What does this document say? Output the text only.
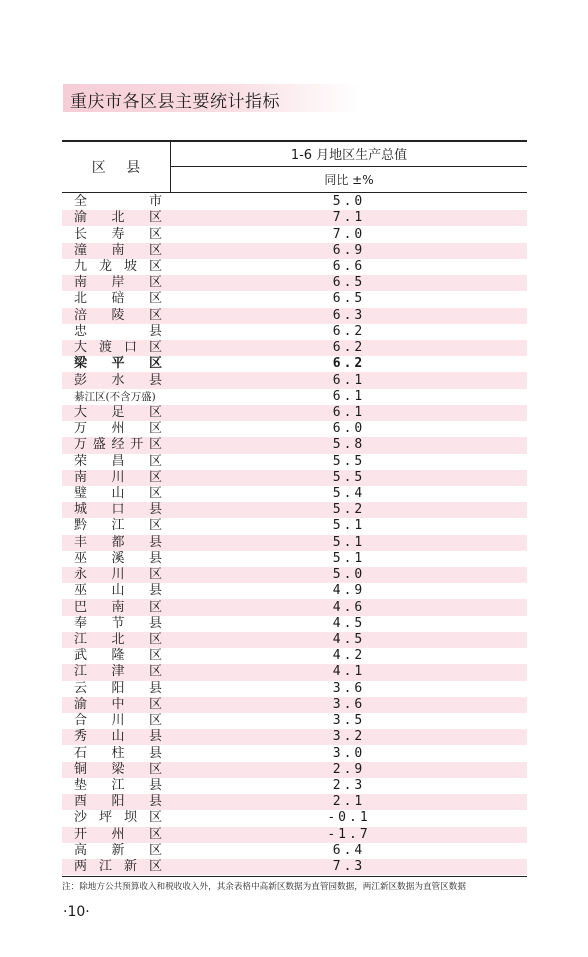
重庆市各区县主要统计指标
区 县
1-6 月地区生产总值
同比 ±%
全	市	5.0
渝 北 区	7.1
长 寿 区	7.0
潼 南 区	6.9
九 龙 坡 区	6.6
南 岸 区	6.5
北 碚 区	6.5
涪 陵 区	6.3
忠	县	6.2
大 渡 口 区	6.2
梁 平 区	6.2
彭 水 县	6.1
綦江区(不含万盛)	6.1
大 足 区	6.1
万 州 区	6.0
万 盛 经 开 区	5.8
荣 昌 区	5.5
南 川 区	5.5
璧 山 区	5.4
城 口 县	5.2
黔 江 区	5.1
丰 都 县	5.1
巫 溪 县	5.1
永 川 区	5.0
巫 山 县	4.9
巴 南 区	4.6
奉 节 县	4.5
江 北 区	4.5
武 隆 区	4.2
江 津 区	4.1
云 阳 县	3.6
渝 中 区	3.6
合 川 区	3.5
秀 山 县	3.2
石 柱 县	3.0
铜 梁 区	2.9
垫 江 县	2.3
酉 阳 县	2.1
沙 坪 坝 区	-0.1
开 州 区	-1.7
高 新 区	6.4
两 江 新 区	7.3
注：除地方公共预算收入和税收收入外，其余表格中高新区数据为直管园数据，两江新区数据为直管区数据
·10·
